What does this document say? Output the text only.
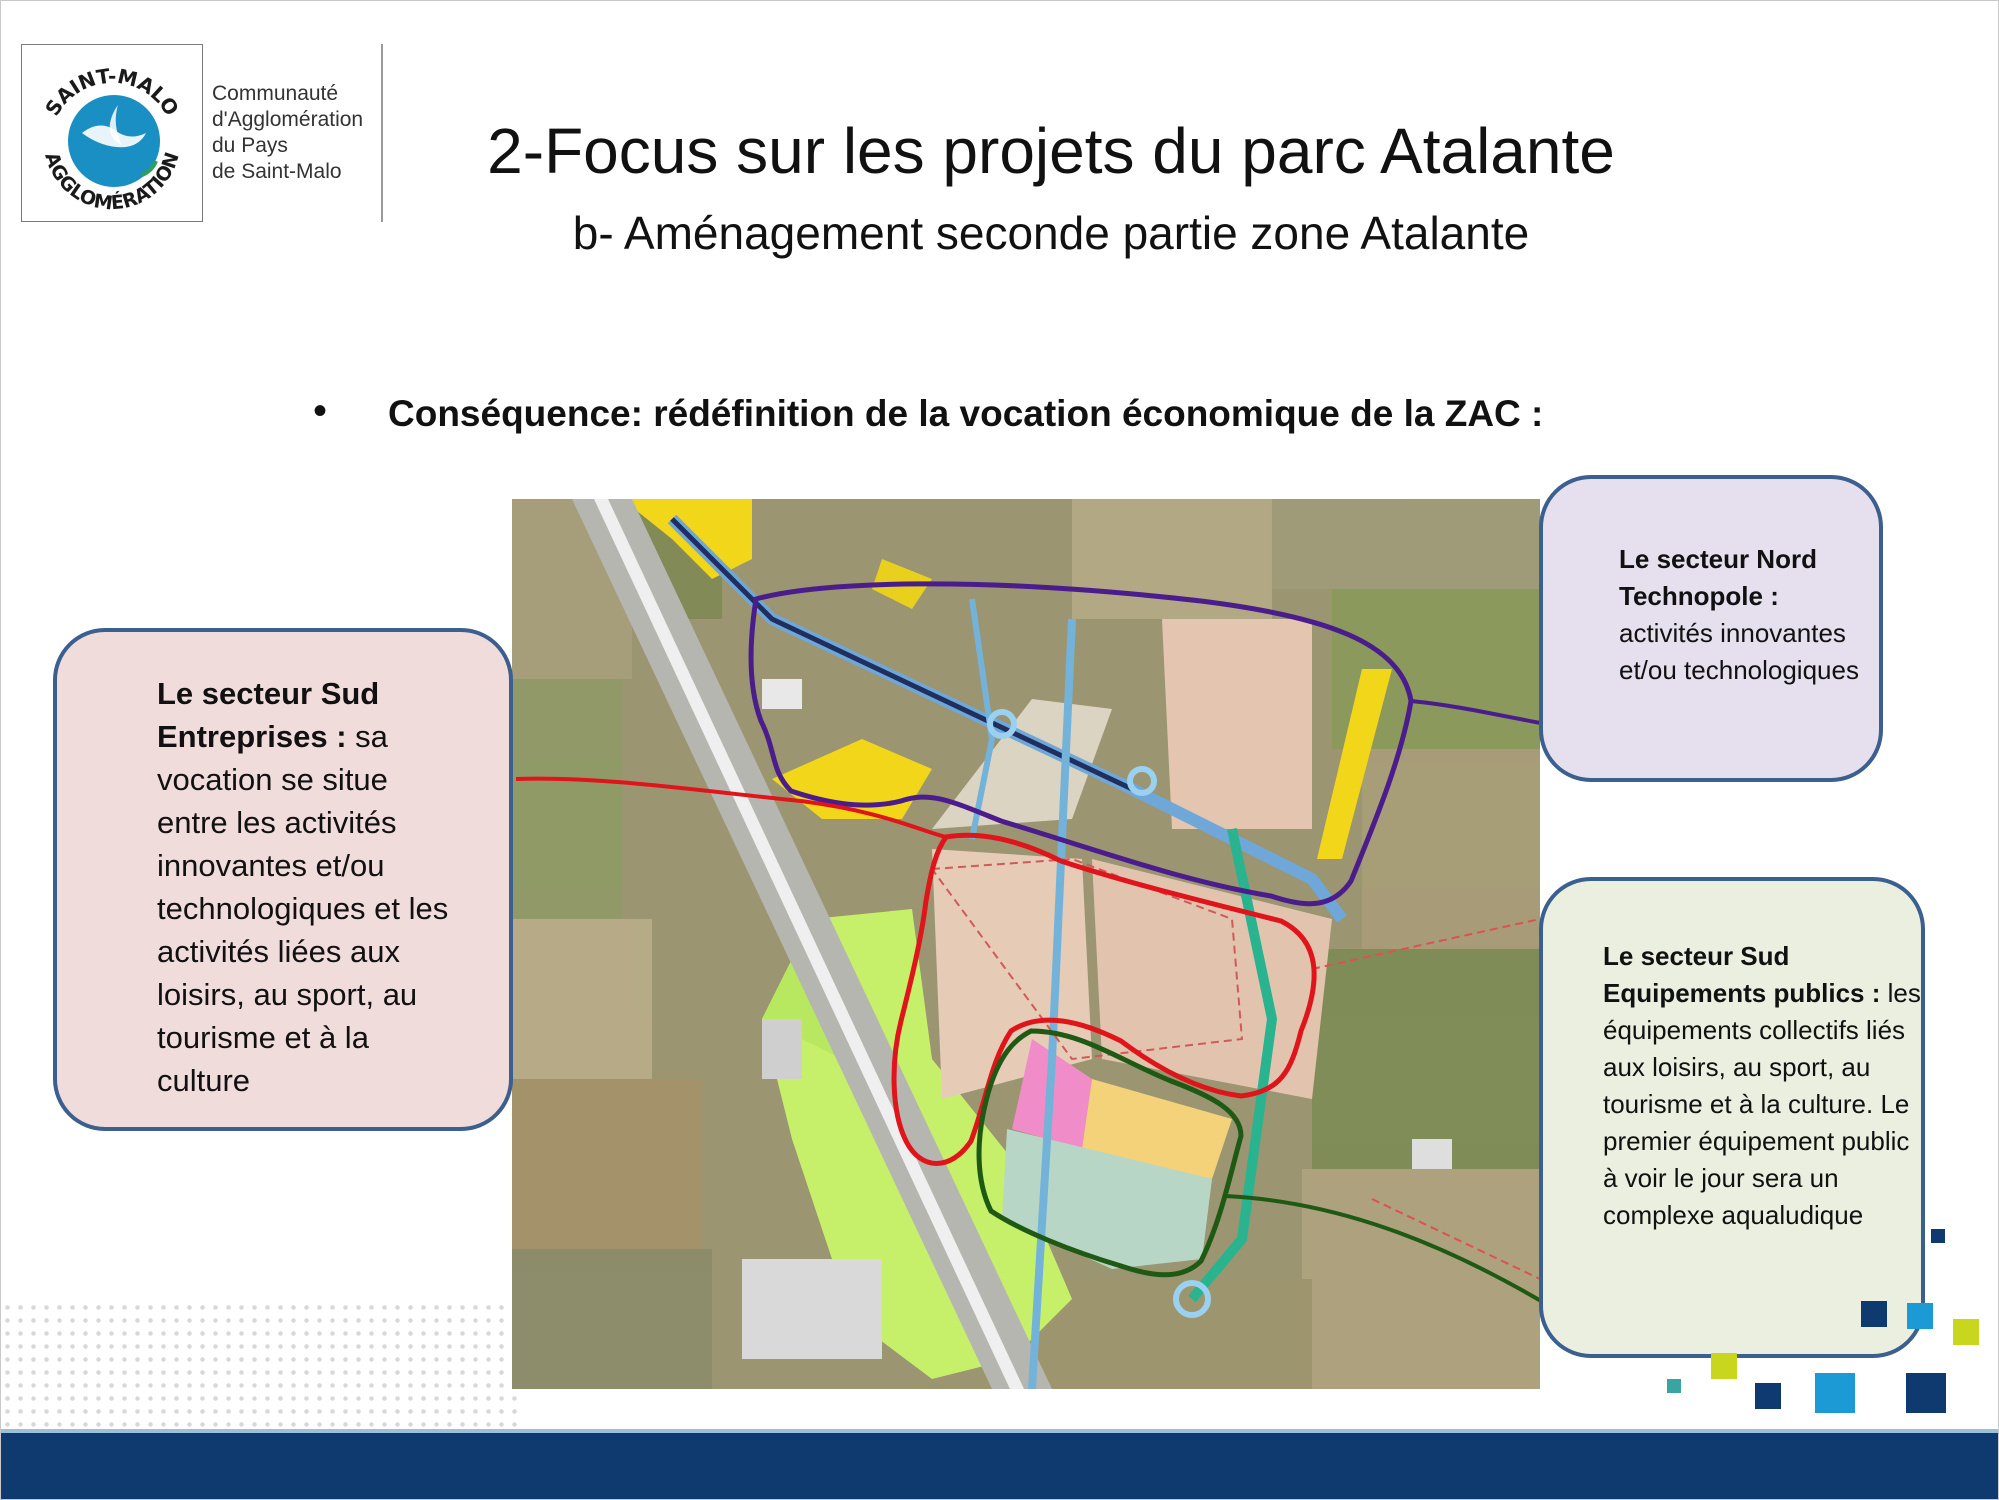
SAINT-MALO
AGGLOMÉRATION
Communauté
d'Agglomération
du Pays
de Saint-Malo	2-Focus sur les projets du parc Atalante
b- Aménagement seconde partie zone Atalante
• Conséquence: rédéfinition de la vocation économique de la ZAC :
Le secteur Sud Entreprises : sa vocation se situe entre les activités innovantes et/ou technologiques et les activités liées aux loisirs, au sport, au tourisme et à la culture
Le secteur Nord Technopole : activités innovantes et/ou technologiques
Le secteur Sud Equipements publics : les équipements collectifs liés aux loisirs, au sport, au tourisme et à la culture. Le premier équipement public à voir le jour sera un complexe aqualudique
